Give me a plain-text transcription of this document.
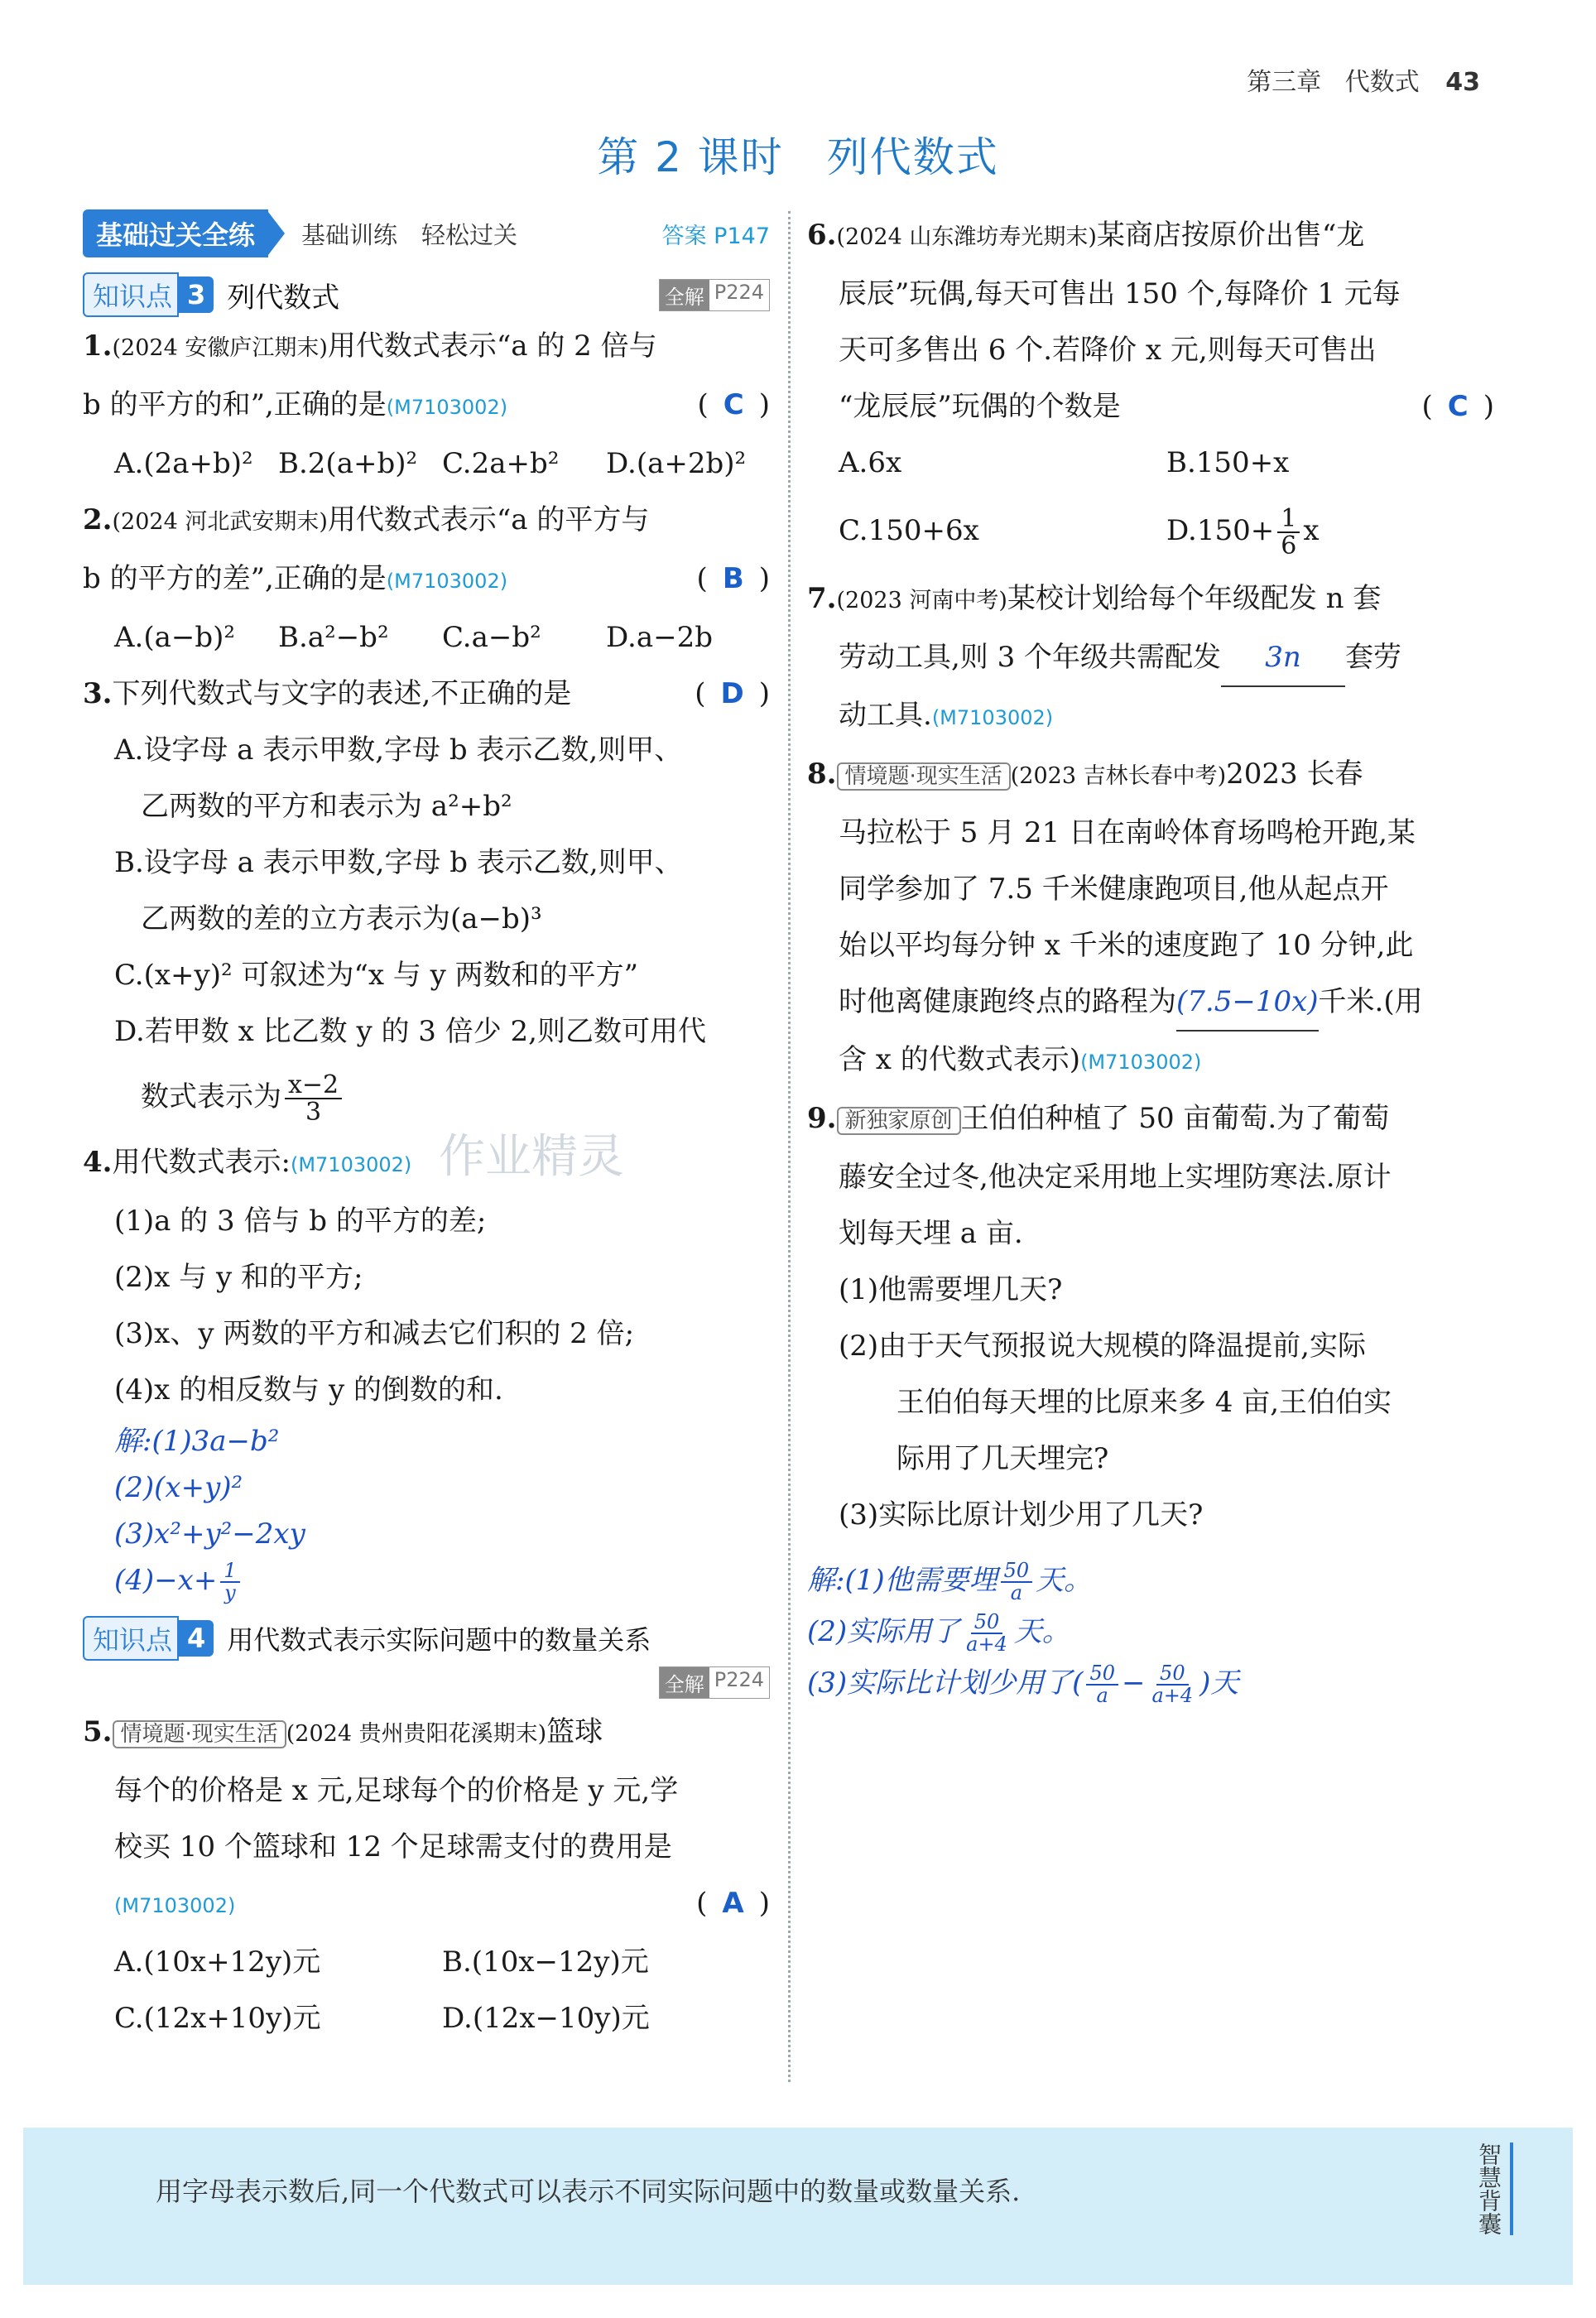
第三章 代数式 43
第 2 课时　列代数式
基础过关全练	基础训练　轻松过关	答案 P147
知识点 3 列代数式	全解 P224

1.(2024 安徽庐江期末)用代数式表示“a 的 2 倍与

b 的平方的和”,正确的是(M7103002)	( C )

A.(2a+b)² B.2(a+b)² C.2a+b²	D.(a+2b)²

2.(2024 河北武安期末)用代数式表示“a 的平方与

b 的平方的差”,正确的是(M7103002)	( B )

A.(a−b)²	B.a²−b²	C.a−b²	D.a−2b

3.下列代数式与文字的表述,不正确的是	( D )

A.设字母 a 表示甲数,字母 b 表示乙数,则甲、

乙两数的平方和表示为 a²+b²

B.设字母 a 表示甲数,字母 b 表示乙数,则甲、

乙两数的差的立方表示为(a−b)³

C.(x+y)² 可叙述为“x 与 y 两数和的平方”

D.若甲数 x 比乙数 y 的 3 倍少 2,则乙数可用代

数式表示为 $\frac{x-2}{3}$

4.用代数式表示:(M7103002) 作业精灵

(1)a 的 3 倍与 b 的平方的差;

(2)x 与 y 和的平方;

(3)x、y 两数的平方和减去它们积的 2 倍;

(4)x 的相反数与 y 的倒数的和.

解:(1)3a−b²

(2)(x+y)²

(3)x²+y²−2xy

$(4)-x+ \frac{1}{y}$

知识点 4 用代数式表示实际问题中的数量关系
全解 P224

5. 情境题·现实生活 (2024 贵州贵阳花溪期末)篮球

每个的价格是 x 元,足球每个的价格是 y 元,学

校买 10 个篮球和 12 个足球需支付的费用是

(M7103002)	( A )

A.(10x+12y)元	B.(10x−12y)元

C.(12x+10y)元	D.(12x−10y)元

6.(2024 山东潍坊寿光期末)某商店按原价出售“龙

辰辰”玩偶,每天可售出 150 个,每降价 1 元每

天可多售出 6 个.若降价 x 元,则每天可售出

“龙辰辰”玩偶的个数是	( C )

A.6x	B.150+x

C.150+6x	$D.150+ \frac{1}{6}$ x

7.(2023 河南中考)某校计划给每个年级配发 n 套

劳动工具,则 3 个年级共需配发 3n 套劳

动工具.(M7103002)

8. 情境题·现实生活 (2023 吉林长春中考)2023 长春

马拉松于 5 月 21 日在南岭体育场鸣枪开跑,某

同学参加了 7.5 千米健康跑项目,他从起点开

始以平均每分钟 x 千米的速度跑了 10 分钟,此

时他离健康跑终点的路程为(7.5−10x)千米.(用

含 x 的代数式表示)(M7103002)

9. 新独家原创 王伯伯种植了 50 亩葡萄.为了葡萄

藤安全过冬,他决定采用地上实埋防寒法.原计

划每天埋 a 亩.

(1)他需要埋几天?

(2)由于天气预报说大规模的降温提前,实际

王伯伯每天埋的比原来多 4 亩,王伯伯实

际用了几天埋完?

(3)实际比原计划少用了几天?

解:(1)他需要埋 $\frac{50}{a}$ 天。

(2)实际用了 $\frac{50}{a+4}$ 天。

(3)实际比计划少用了( $\frac{50}{a} - \frac{50}{a+4}$ )天

用字母表示数后,同一个代数式可以表示不同实际问题中的数量或数量关系.	智慧背囊
